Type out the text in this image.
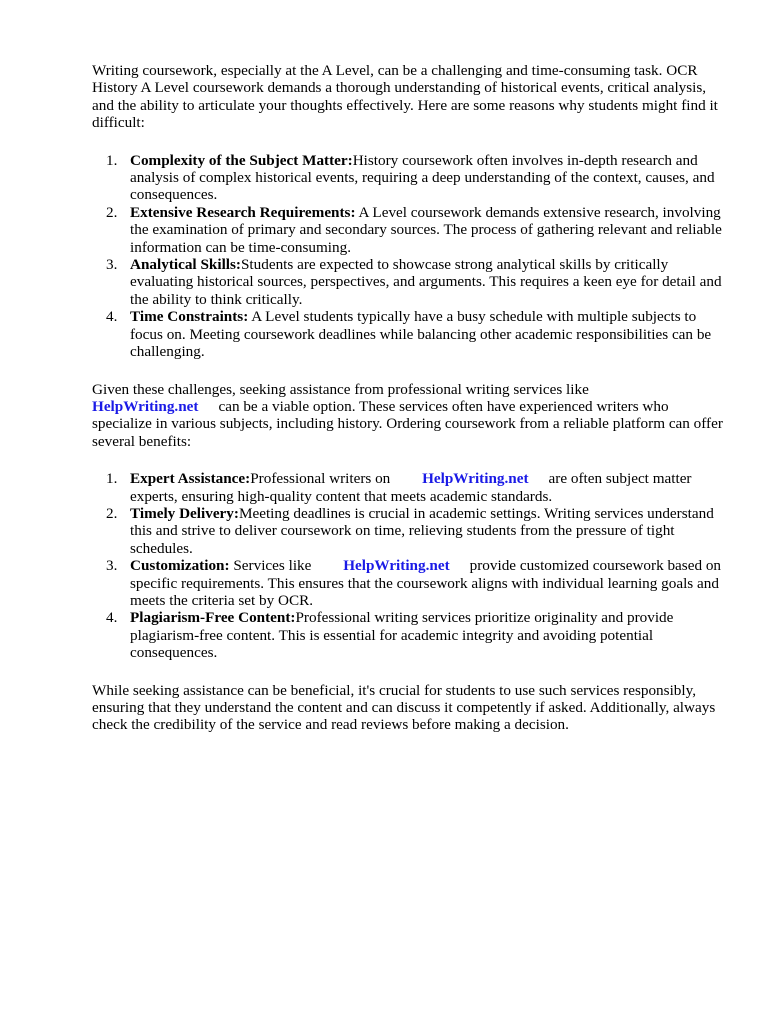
Writing coursework, especially at the A Level, can be a challenging and time-consuming task. OCR History A Level coursework demands a thorough understanding of historical events, critical analysis, and the ability to articulate your thoughts effectively. Here are some reasons why students might find it difficult:

1. Complexity of the Subject Matter:History coursework often involves in-depth research and analysis of complex historical events, requiring a deep understanding of the context, causes, and consequences.
2. Extensive Research Requirements: A Level coursework demands extensive research, involving the examination of primary and secondary sources. The process of gathering relevant and reliable information can be time-consuming.
3. Analytical Skills:Students are expected to showcase strong analytical skills by critically evaluating historical sources, perspectives, and arguments. This requires a keen eye for detail and the ability to think critically.
4. Time Constraints: A Level students typically have a busy schedule with multiple subjects to focus on. Meeting coursework deadlines while balancing other academic responsibilities can be challenging.

Given these challenges, seeking assistance from professional writing services like
HelpWriting.net can be a viable option. These services often have experienced writers who specialize in various subjects, including history. Ordering coursework from a reliable platform can offer several benefits:

1. Expert Assistance:Professional writers on HelpWriting.net are often subject matter experts, ensuring high-quality content that meets academic standards.
2. Timely Delivery:Meeting deadlines is crucial in academic settings. Writing services understand this and strive to deliver coursework on time, relieving students from the pressure of tight schedules.
3. Customization: Services like HelpWriting.net provide customized coursework based on specific requirements. This ensures that the coursework aligns with individual learning goals and meets the criteria set by OCR.
4. Plagiarism-Free Content:Professional writing services prioritize originality and provide plagiarism-free content. This is essential for academic integrity and avoiding potential consequences.

While seeking assistance can be beneficial, it's crucial for students to use such services responsibly, ensuring that they understand the content and can discuss it competently if asked. Additionally, always check the credibility of the service and read reviews before making a decision.
